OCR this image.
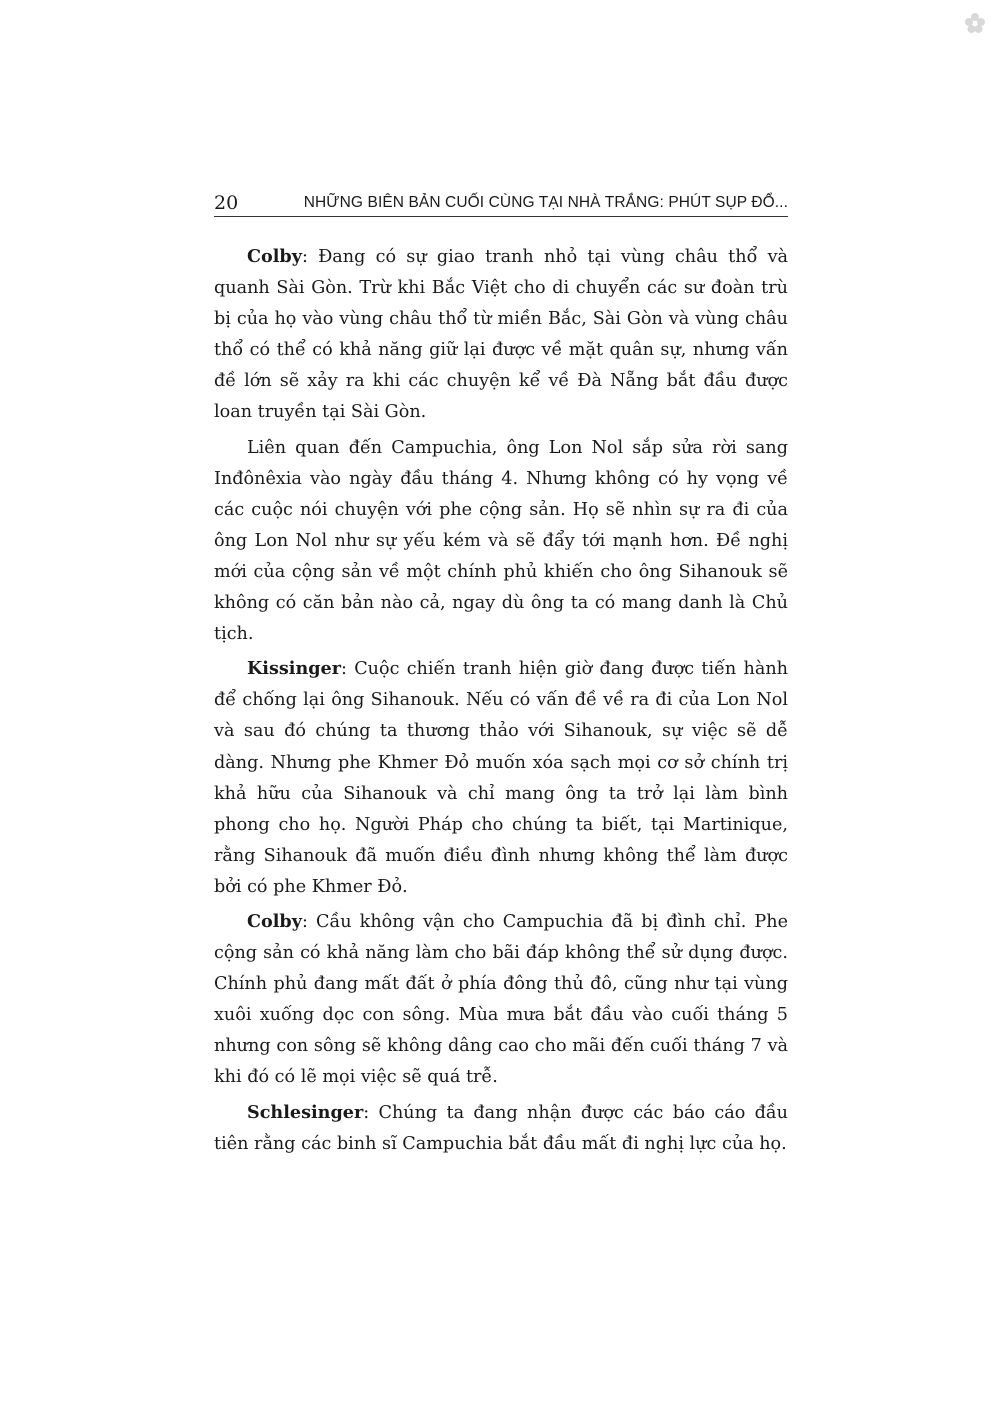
20	NHỮNG BIÊN BẢN CUỐI CÙNG TẠI NHÀ TRẮNG: PHÚT SỤP ĐỔ...

Colby: Đang có sự giao tranh nhỏ tại vùng châu thổ và quanh Sài Gòn. Trừ khi Bắc Việt cho di chuyển các sư đoàn trù bị của họ vào vùng châu thổ từ miền Bắc, Sài Gòn và vùng châu thổ có thể có khả năng giữ lại được về mặt quân sự, nhưng vấn đề lớn sẽ xảy ra khi các chuyện kể về Đà Nẵng bắt đầu được loan truyền tại Sài Gòn.

Liên quan đến Campuchia, ông Lon Nol sắp sửa rời sang Inđônêxia vào ngày đầu tháng 4. Nhưng không có hy vọng về các cuộc nói chuyện với phe cộng sản. Họ sẽ nhìn sự ra đi của ông Lon Nol như sự yếu kém và sẽ đẩy tới mạnh hơn. Đề nghị mới của cộng sản về một chính phủ khiến cho ông Sihanouk sẽ không có căn bản nào cả, ngay dù ông ta có mang danh là Chủ tịch.

Kissinger: Cuộc chiến tranh hiện giờ đang được tiến hành để chống lại ông Sihanouk. Nếu có vấn đề về ra đi của Lon Nol và sau đó chúng ta thương thảo với Sihanouk, sự việc sẽ dễ dàng. Nhưng phe Khmer Đỏ muốn xóa sạch mọi cơ sở chính trị khả hữu của Sihanouk và chỉ mang ông ta trở lại làm bình phong cho họ. Người Pháp cho chúng ta biết, tại Martinique, rằng Sihanouk đã muốn điều đình nhưng không thể làm được bởi có phe Khmer Đỏ.

Colby: Cầu không vận cho Campuchia đã bị đình chỉ. Phe cộng sản có khả năng làm cho bãi đáp không thể sử dụng được. Chính phủ đang mất đất ở phía đông thủ đô, cũng như tại vùng xuôi xuống dọc con sông. Mùa mưa bắt đầu vào cuối tháng 5 nhưng con sông sẽ không dâng cao cho mãi đến cuối tháng 7 và khi đó có lẽ mọi việc sẽ quá trễ.

Schlesinger: Chúng ta đang nhận được các báo cáo đầu tiên rằng các binh sĩ Campuchia bắt đầu mất đi nghị lực của họ.
